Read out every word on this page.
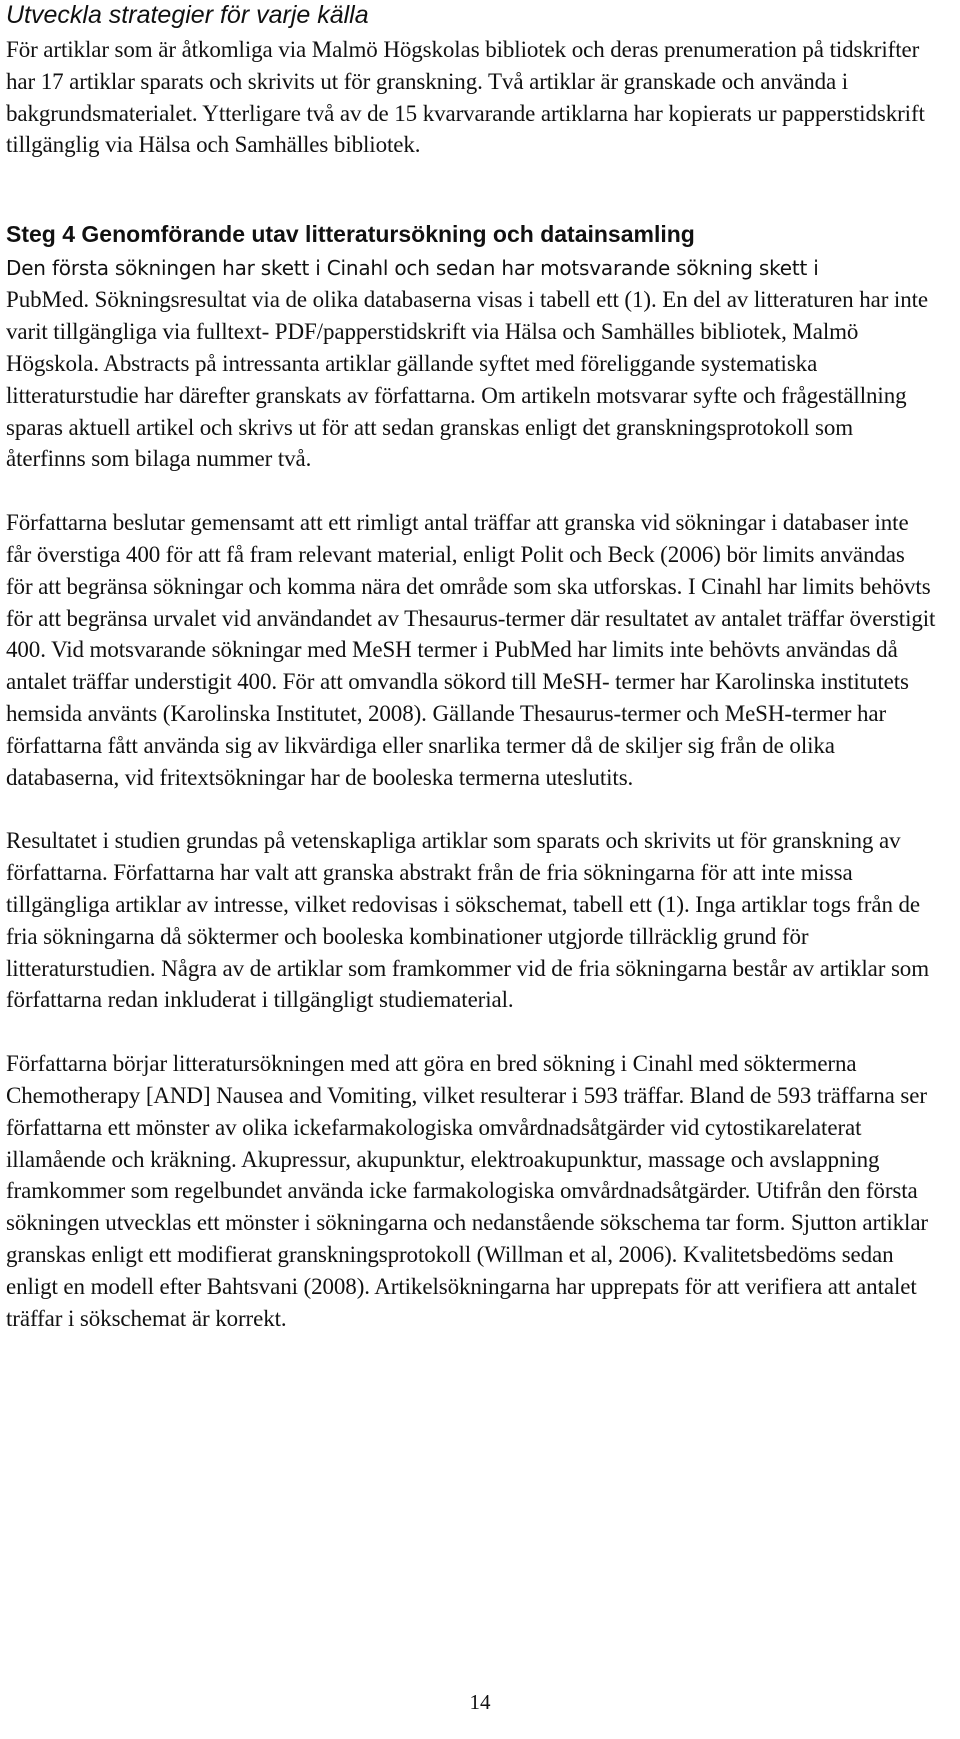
Utveckla strategier för varje källa

För artiklar som är åtkomliga via Malmö Högskolas bibliotek och deras prenumeration på tidskrifter har 17 artiklar sparats och skrivits ut för granskning. Två artiklar är granskade och använda i bakgrundsmaterialet. Ytterligare två av de 15 kvarvarande artiklarna har kopierats ur papperstidskrift tillgänglig via Hälsa och Samhälles bibliotek.

Steg 4 Genomförande utav litteratursökning och datainsamling
Den första sökningen har skett i Cinahl och sedan har motsvarande sökning skett i

PubMed. Sökningsresultat via de olika databaserna visas i tabell ett (1). En del av litteraturen har inte varit tillgängliga via fulltext- PDF/papperstidskrift via Hälsa och Samhälles bibliotek, Malmö Högskola. Abstracts på intressanta artiklar gällande syftet med föreliggande systematiska litteraturstudie har därefter granskats av författarna. Om artikeln motsvarar syfte och frågeställning sparas aktuell artikel och skrivs ut för att sedan granskas enligt det granskningsprotokoll som återfinns som bilaga nummer två.

Författarna beslutar gemensamt att ett rimligt antal träffar att granska vid sökningar i databaser inte får överstiga 400 för att få fram relevant material, enligt Polit och Beck (2006) bör limits användas för att begränsa sökningar och komma nära det område som ska utforskas. I Cinahl har limits behövts för att begränsa urvalet vid användandet av Thesaurus-termer där resultatet av antalet träffar överstigit 400. Vid motsvarande sökningar med MeSH termer i PubMed har limits inte behövts användas då antalet träffar understigit 400. För att omvandla sökord till MeSH- termer har Karolinska institutets hemsida använts (Karolinska Institutet, 2008). Gällande Thesaurus-termer och MeSH-termer har författarna fått använda sig av likvärdiga eller snarlika termer då de skiljer sig från de olika databaserna, vid fritextsökningar har de booleska termerna uteslutits.

Resultatet i studien grundas på vetenskapliga artiklar som sparats och skrivits ut för granskning av författarna. Författarna har valt att granska abstrakt från de fria sökningarna för att inte missa tillgängliga artiklar av intresse, vilket redovisas i sökschemat, tabell ett (1). Inga artiklar togs från de fria sökningarna då söktermer och booleska kombinationer utgjorde tillräcklig grund för litteraturstudien. Några av de artiklar som framkommer vid de fria sökningarna består av artiklar som författarna redan inkluderat i tillgängligt studiematerial.

Författarna börjar litteratursökningen med att göra en bred sökning i Cinahl med söktermerna Chemotherapy [AND] Nausea and Vomiting, vilket resulterar i 593 träffar. Bland de 593 träffarna ser författarna ett mönster av olika ickefarmakologiska omvårdnadsåtgärder vid cytostikarelaterat illamående och kräkning. Akupressur, akupunktur, elektroakupunktur, massage och avslappning framkommer som regelbundet använda icke farmakologiska omvårdnadsåtgärder. Utifrån den första sökningen utvecklas ett mönster i sökningarna och nedanstående sökschema tar form. Sjutton artiklar granskas enligt ett modifierat granskningsprotokoll (Willman et al, 2006). Kvalitetsbedöms sedan enligt en modell efter Bahtsvani (2008). Artikelsökningarna har upprepats för att verifiera att antalet träffar i sökschemat är korrekt.

14
